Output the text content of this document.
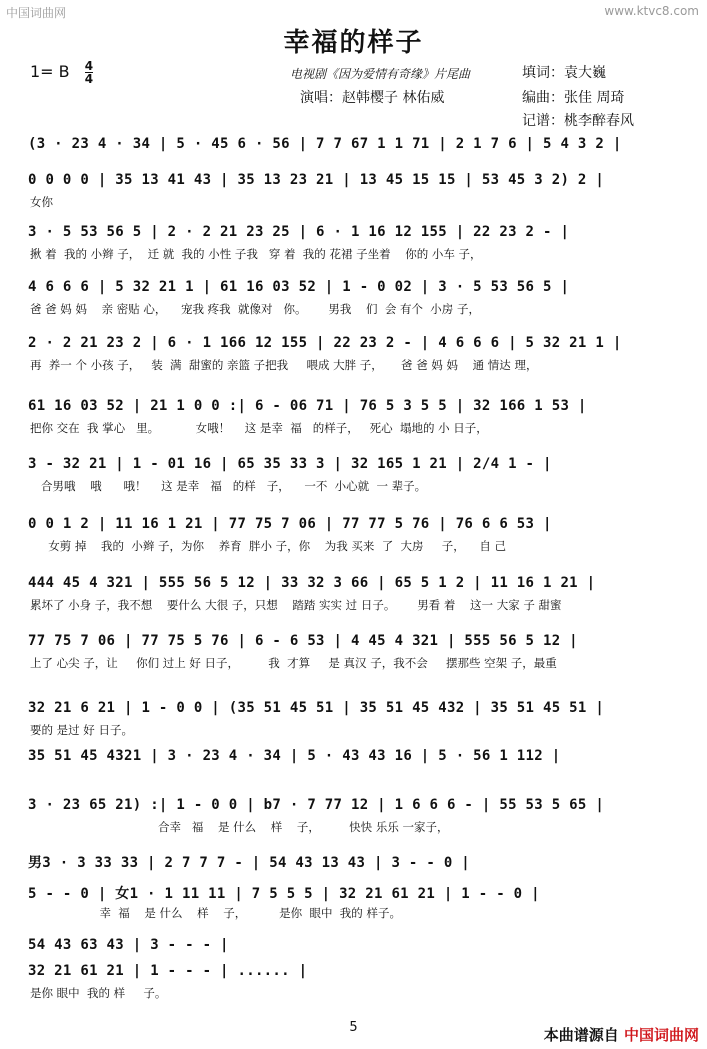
中国词曲网	www.ktvc8.com
幸福的样子
1= B $\frac{4}{4}$	电视剧《因为爱情有奇缘》片尾曲	填词：袁大巍
演唱：赵韩樱子 林佑威	编曲：张佳 周琦
记谱：桃李醉春风
(3 · 23 4 · 34 | 5 · 45 6 · 56 | 7 7 67 1 1 71 | 2 1 7 6 | 5 4 3 2 |
0 0 0 0 | 35 13 41 43 | 35 13 23 21 | 13 45 15 15 | 53 45 3 2) 2 |
女你
3 · 5 53 56 5 | 2 · 2 21 23 25 | 6 · 1 16 12 155 | 22 23 2 - |
揪 着  我的 小辫 子，  迁 就  我的 小性 子我   穿 着  我的 花裙 子坐着    你的 小车 子，
4 6 6 6 | 5 32 21 1 | 61 16 03 52 | 1 - 0 02 | 3 · 5 53 56 5 |
爸 爸 妈 妈    亲 密贴 心，    宠我 疼我  就像对   你。      男我    们  会 有个  小房 子，
2 · 2 21 23 2 | 6 · 1 166 12 155 | 22 23 2 - | 4 6 6 6 | 5 32 21 1 |
再  养一 个 小孩 子，   装  满  甜蜜的 亲篮 子把我     喂成 大胖 子，     爸 爸 妈 妈    通 情达 理，
61 16 03 52 | 21 1 0 0 :| 6 - 06 71 | 76 5 3 5 5 | 32 166 1 53 |
把你 交在  我 掌心   里。          女哦！    这 是幸  福   的样子，   死心  塌地的 小 日子，
3 - 32 21 | 1 - 01 16 | 65 35 33 3 | 32 165 1 21 | 2/4 1 - |
合男哦    哦      哦！    这 是幸   福   的样   子，    一不  小心就  一 辈子。
0 0 1 2 | 11 16 1 21 | 77 75 7 06 | 77 77 5 76 | 76 6 6 53 |
女剪 掉    我的  小辫 子，为你    养育  胖小 子，你    为我 买来  了  大房     子，    自 己
444 45 4 321 | 555 56 5 12 | 33 32 3 66 | 65 5 1 2 | 11 16 1 21 |
累坏了 小身 子，我不想    要什么 大很 子，只想    踏踏 实实 过 日子。      男看 着    这一 大家 子 甜蜜
77 75 7 06 | 77 75 5 76 | 6 - 6 53 | 4 45 4 321 | 555 56 5 12 |
上了 心尖 子，让     你们 过上 好 日子，        我  才算     是 真汉 子，我不会     摆那些 空架 子，最重
32 21 6 21 | 1 - 0 0 | (35 51 45 51 | 35 51 45 432 | 35 51 45 51 |
要的 是过 好 日子。
35 51 45 4321 | 3 · 23 4 · 34 | 5 · 43 43 16 | 5 · 56 1 112 |
3 · 23 65 21) :| 1 - 0 0 | b7 · 7 77 12 | 1 6 6 6 - | 55 53 5 65 |
合幸   福    是 什么    样    子，        快快 乐乐 一家子，
男3 · 3 33 33 | 2 7 7 7 - | 54 43 13 43 | 3 - - 0 |
5 - - 0 | 女1 · 1 11 11 | 7 5 5 5 | 32 21 61 21 | 1 - - 0 |
幸  福    是 什么    样    子，         是你  眼中  我的 样子。
54 43 63 43 | 3 - - - |
32 21 61 21 | 1 - - - | ...... |
是你 眼中  我的 样     子。
5	本曲谱源自 中国词曲网
